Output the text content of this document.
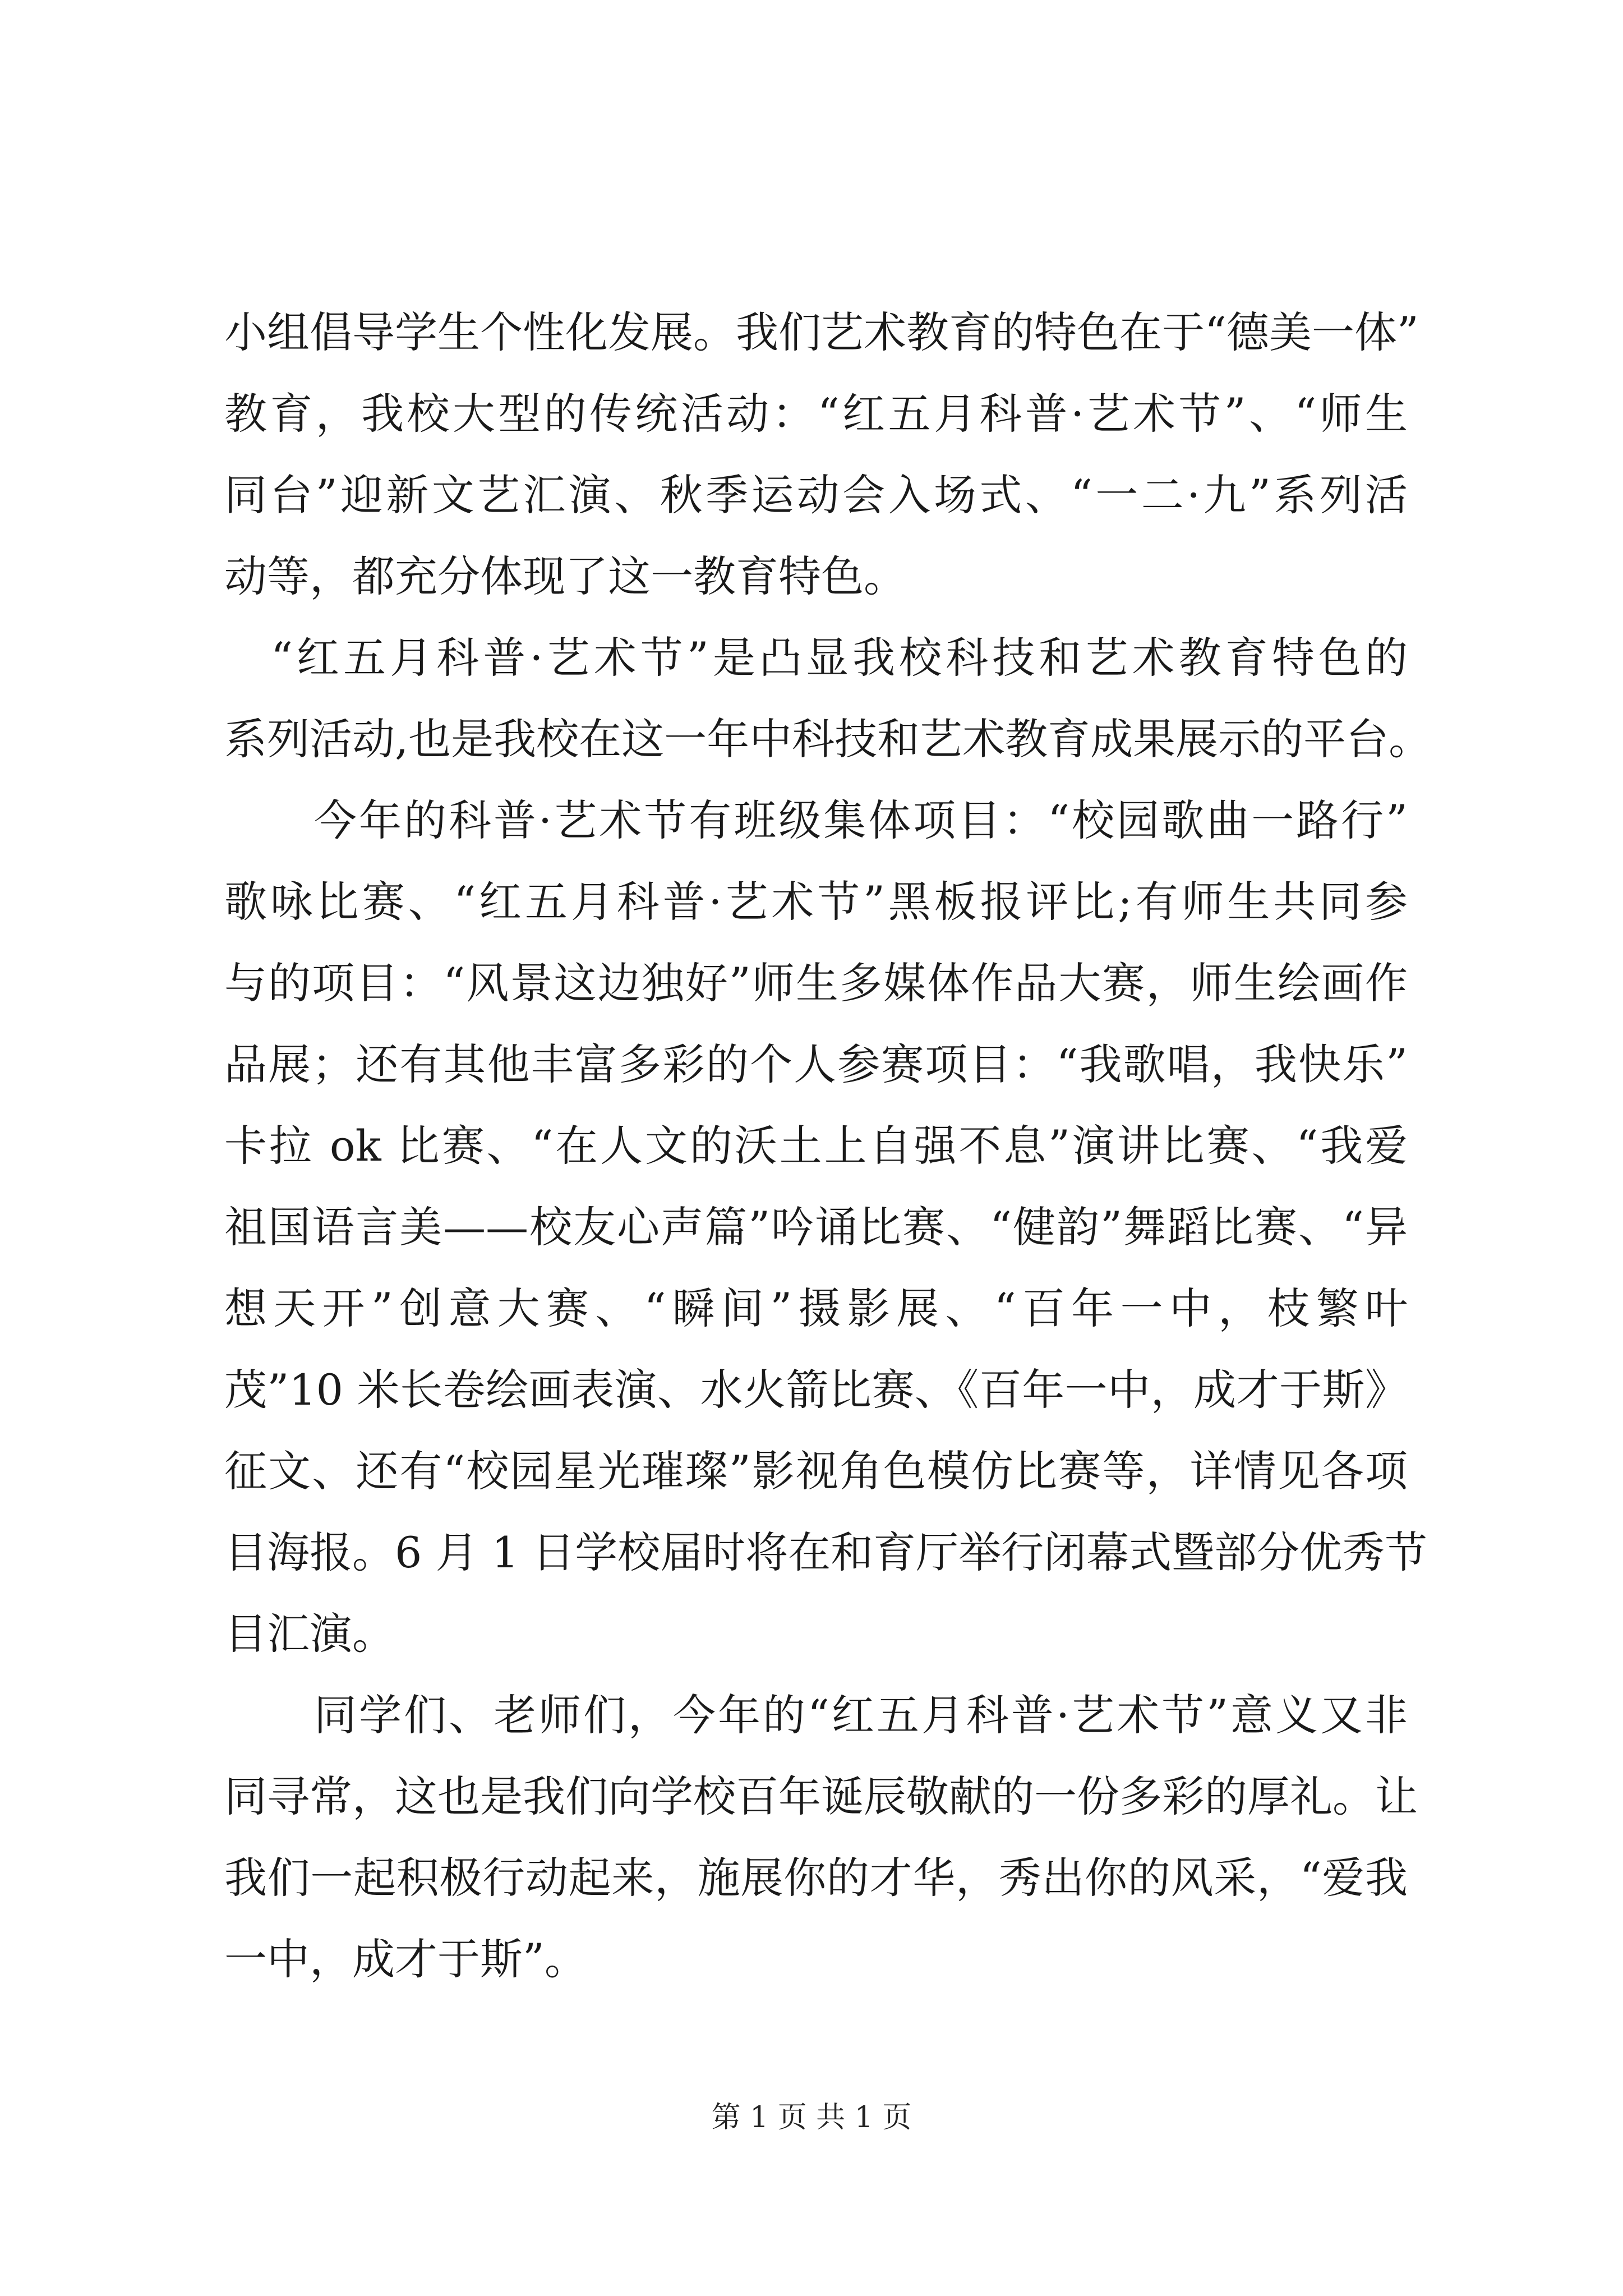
小组倡导学生个性化发展。我们艺术教育的特色在于“德美一体”
教育，我校大型的传统活动：“红五月科普·艺术节”、“师生
同台”迎新文艺汇演、秋季运动会入场式、“一二·九”系列活
动等，都充分体现了这一教育特色。
　“红五月科普·艺术节”是凸显我校科技和艺术教育特色的
系列活动,也是我校在这一年中科技和艺术教育成果展示的平台。
　　今年的科普·艺术节有班级集体项目：“校园歌曲一路行”
歌咏比赛、“红五月科普·艺术节”黑板报评比;有师生共同参
与的项目：“风景这边独好”师生多媒体作品大赛，师生绘画作
品展；还有其他丰富多彩的个人参赛项目：“我歌唱，我快乐”
卡拉 ok 比赛、“在人文的沃土上自强不息”演讲比赛、“我爱
祖国语言美——校友心声篇”吟诵比赛、“健韵”舞蹈比赛、“异
想天开”创意大赛、“瞬间”摄影展、“百年一中，枝繁叶
茂”10 米长卷绘画表演、水火箭比赛、《百年一中，成才于斯》
征文、还有“校园星光璀璨”影视角色模仿比赛等，详情见各项
目海报。6 月 1 日学校届时将在和育厅举行闭幕式暨部分优秀节
目汇演。
　　同学们、老师们，今年的“红五月科普·艺术节”意义又非
同寻常，这也是我们向学校百年诞辰敬献的一份多彩的厚礼。让
我们一起积极行动起来，施展你的才华，秀出你的风采，“爱我
一中，成才于斯”。
第 1 页 共 1 页
